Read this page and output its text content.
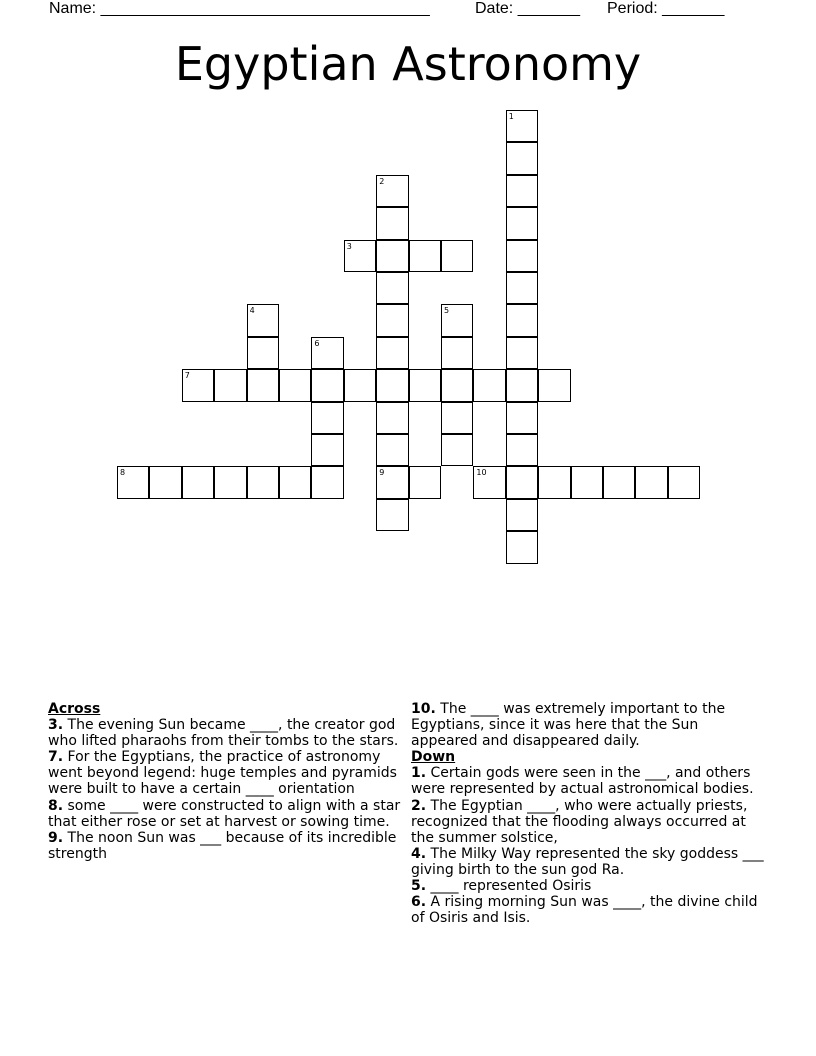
Name: _____________________________________	Date: _______ Period: _______
Egyptian Astronomy
3
7
8	9	10
1
2
4	5
6
Across
3. The evening Sun became ____, the creator god who lifted pharaohs from their tombs to the stars.
7. For the Egyptians, the practice of astronomy went beyond legend: huge temples and pyramids were built to have a certain ____ orientation
8. some ____ were constructed to align with a star that either rose or set at harvest or sowing time.
9. The noon Sun was ___ because of its incredible strength
10. The ____ was extremely important to the Egyptians, since it was here that the Sun appeared and disappeared daily.
Down
1. Certain gods were seen in the ___, and others were represented by actual astronomical bodies.
2. The Egyptian ____, who were actually priests, recognized that the flooding always occurred at the summer solstice,
4. The Milky Way represented the sky goddess ___ giving birth to the sun god Ra.
5. ____ represented Osiris
6. A rising morning Sun was ____, the divine child of Osiris and Isis.
